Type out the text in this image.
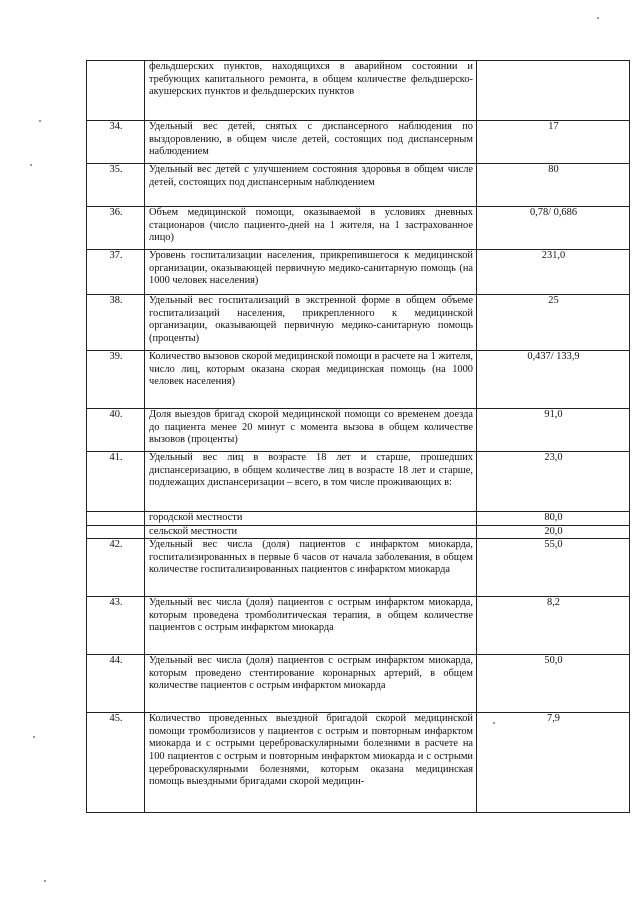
	фельдшерских пунктов, находящихся в аварийном состоянии и требующих капитального ремонта, в общем количестве фельдшерско-акушерских пунктов и фельдшерских пунктов	
34.	Удельный вес детей, снятых с диспансерного наблюдения по выздоровлению, в общем числе детей, состоящих под диспансерным наблюдением	17
35.	Удельный вес детей с улучшением состояния здоровья в общем числе детей, состоящих под диспансерным наблюдением	80
36.	Объем медицинской помощи, оказываемой в условиях дневных стационаров (число пациенто-дней на 1 жителя, на 1 застрахованное лицо)	0,78/ 0,686
37.	Уровень госпитализации населения, прикрепившегося к медицинской организации, оказывающей первичную медико-санитарную помощь (на 1000 человек населения)	231,0
38.	Удельный вес госпитализаций в экстренной форме в общем объеме госпитализаций населения, прикрепленного к медицинской организации, оказывающей первичную медико-санитарную помощь (проценты)	25
39.	Количество вызовов скорой медицинской помощи в расчете на 1 жителя, число лиц, которым оказана скорая медицинская помощь (на 1000 человек населения)	0,437/ 133,9
40.	Доля выездов бригад скорой медицинской помощи со временем доезда до пациента менее 20 минут с момента вызова в общем количестве вызовов (проценты)	91,0
41.	Удельный вес лиц в возрасте 18 лет и старше, прошедших диспансеризацию, в общем количестве лиц в возрасте 18 лет и старше, подлежащих диспансеризации – всего, в том числе проживающих в:	23,0
	городской местности	80,0
	сельской местности	20,0
42.	Удельный вес числа (доля) пациентов с инфарктом миокарда, госпитализированных в первые 6 часов от начала заболевания, в общем количестве госпитализированных пациентов с инфарктом миокарда	55,0
43.	Удельный вес числа (доля) пациентов с острым инфарктом миокарда, которым проведена тромболитическая терапия, в общем количестве пациентов с острым инфарктом миокарда	8,2
44.	Удельный вес числа (доля) пациентов с острым инфарктом миокарда, которым проведено стентирование коронарных артерий, в общем количестве пациентов с острым инфарктом миокарда	50,0
45.	Количество проведенных выездной бригадой скорой медицинской помощи тромболизисов у пациентов с острым и повторным инфарктом миокарда и с острыми цереброваскулярными болезнями в расчете на 100 пациентов с острым и повторным инфарктом миокарда и с острыми цереброваскулярными болезнями, которым оказана медицинская помощь выездными бригадами скорой медицин-	7,9
